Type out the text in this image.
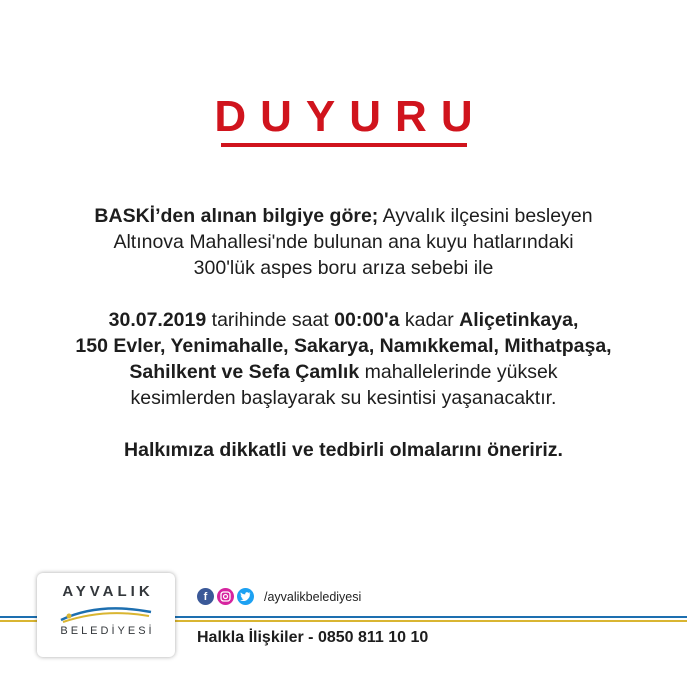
DUYURU
BASKİ’den alınan bilgiye göre; Ayvalık ilçesini besleyen
Altınova Mahallesi'nde bulunan ana kuyu hatlarındaki
300'lük aspes boru arıza sebebi ile
30.07.2019 tarihinde saat 00:00'a kadar Aliçetinkaya,
150 Evler, Yenimahalle, Sakarya, Namıkkemal, Mithatpaşa,
Sahilkent ve Sefa Çamlık mahallelerinde yüksek
kesimlerden başlayarak su kesintisi yaşanacaktır.
Halkımıza dikkatli ve tedbirli olmalarını öneririz.
AYVALIK
BELEDİYESİ
f	/ayvalikbelediyesi
Halkla İlişkiler - 0850 811 10 10
